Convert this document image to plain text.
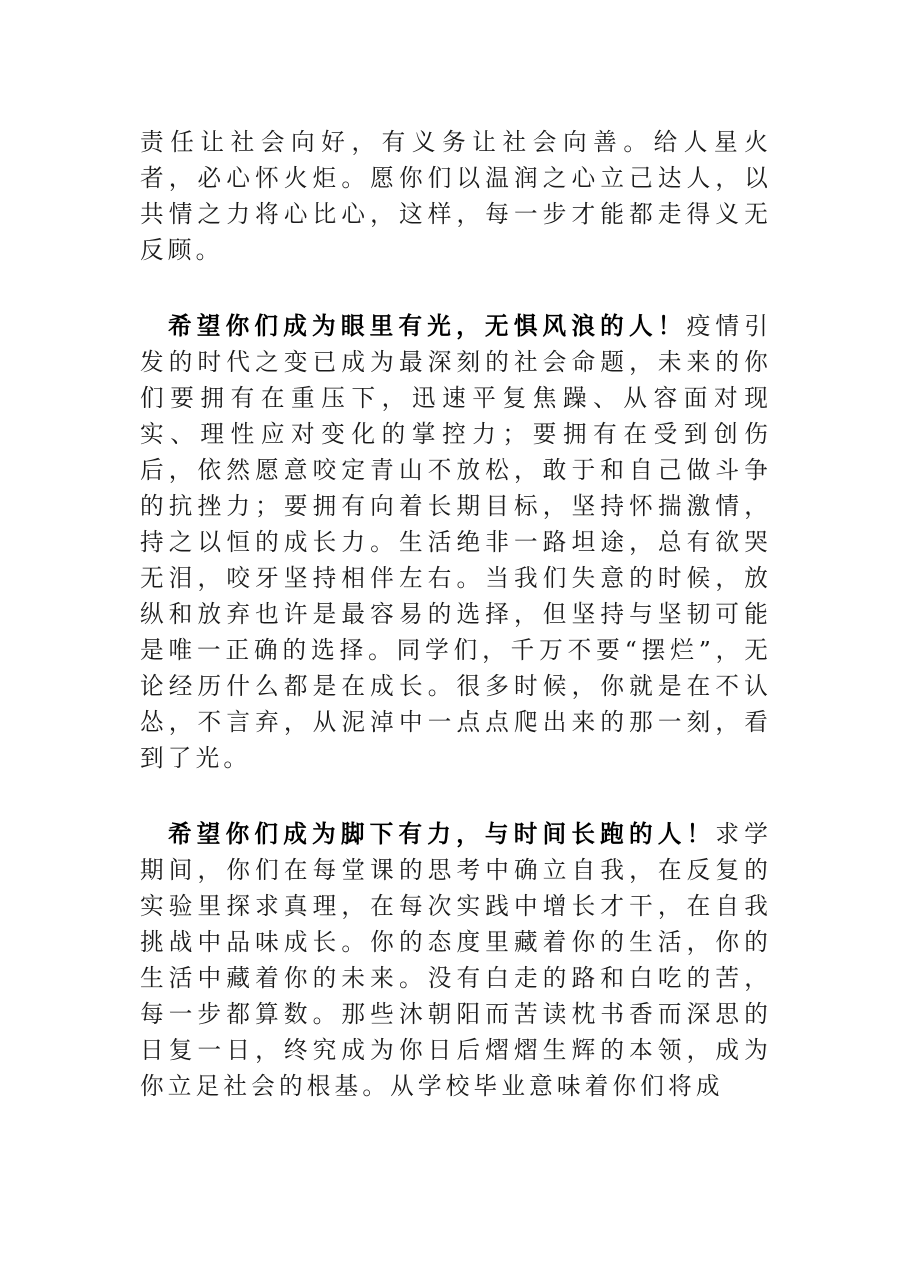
责任让社会向好，有义务让社会向善。给人星火者，必心怀火炬。愿你们以温润之心立己达人，以共情之力将心比心，这样，每一步才能都走得义无反顾。

希望你们成为眼里有光，无惧风浪的人！疫情引发的时代之变已成为最深刻的社会命题，未来的你们要拥有在重压下，迅速平复焦躁、从容面对现实、理性应对变化的掌控力；要拥有在受到创伤后，依然愿意咬定青山不放松，敢于和自己做斗争的抗挫力；要拥有向着长期目标，坚持怀揣激情，持之以恒的成长力。生活绝非一路坦途，总有欲哭无泪，咬牙坚持相伴左右。当我们失意的时候，放纵和放弃也许是最容易的选择，但坚持与坚韧可能是唯一正确的选择。同学们，千万不要“摆烂”，无论经历什么都是在成长。很多时候，你就是在不认怂，不言弃，从泥淖中一点点爬出来的那一刻，看到了光。

希望你们成为脚下有力，与时间长跑的人！求学期间，你们在每堂课的思考中确立自我，在反复的实验里探求真理，在每次实践中增长才干，在自我挑战中品味成长。你的态度里藏着你的生活，你的生活中藏着你的未来。没有白走的路和白吃的苦，每一步都算数。那些沐朝阳而苦读枕书香而深思的日复一日，终究成为你日后熠熠生辉的本领，成为你立足社会的根基。从学校毕业意味着你们将成
